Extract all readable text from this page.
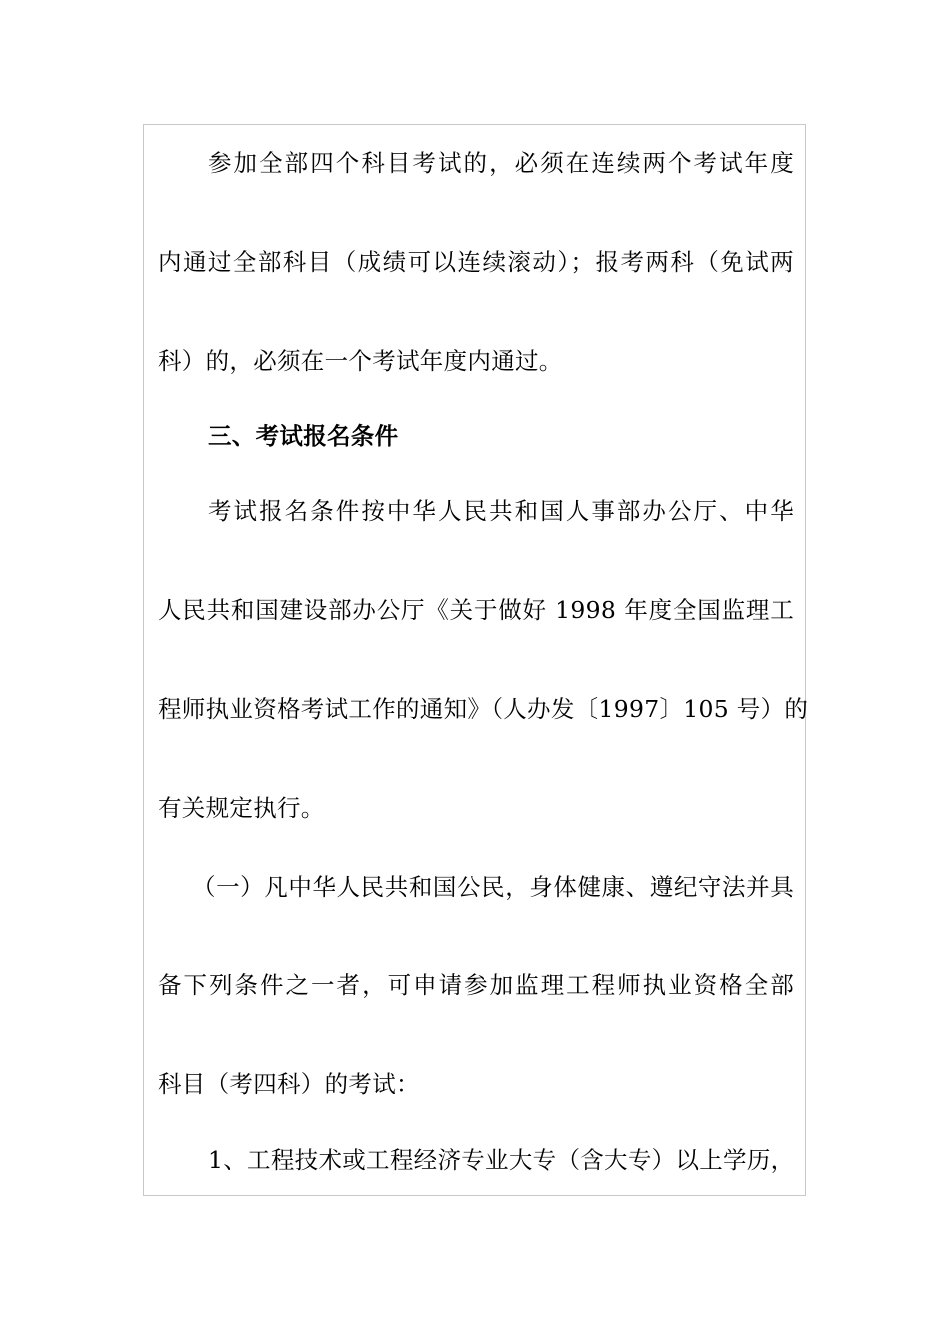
参加全部四个科目考试的，必须在连续两个考试年度
内通过全部科目（成绩可以连续滚动）；报考两科（免试两
科）的，必须在一个考试年度内通过。
三、考试报名条件
考试报名条件按中华人民共和国人事部办公厅、中华
人民共和国建设部办公厅《关于做好 1998 年度全国监理工
程师执业资格考试工作的通知》（人办发〔1997〕105 号）的
有关规定执行。
（一）凡中华人民共和国公民，身体健康、遵纪守法并具
备下列条件之一者，可申请参加监理工程师执业资格全部
科目（考四科）的考试：
1、工程技术或工程经济专业大专（含大专）以上学历，
